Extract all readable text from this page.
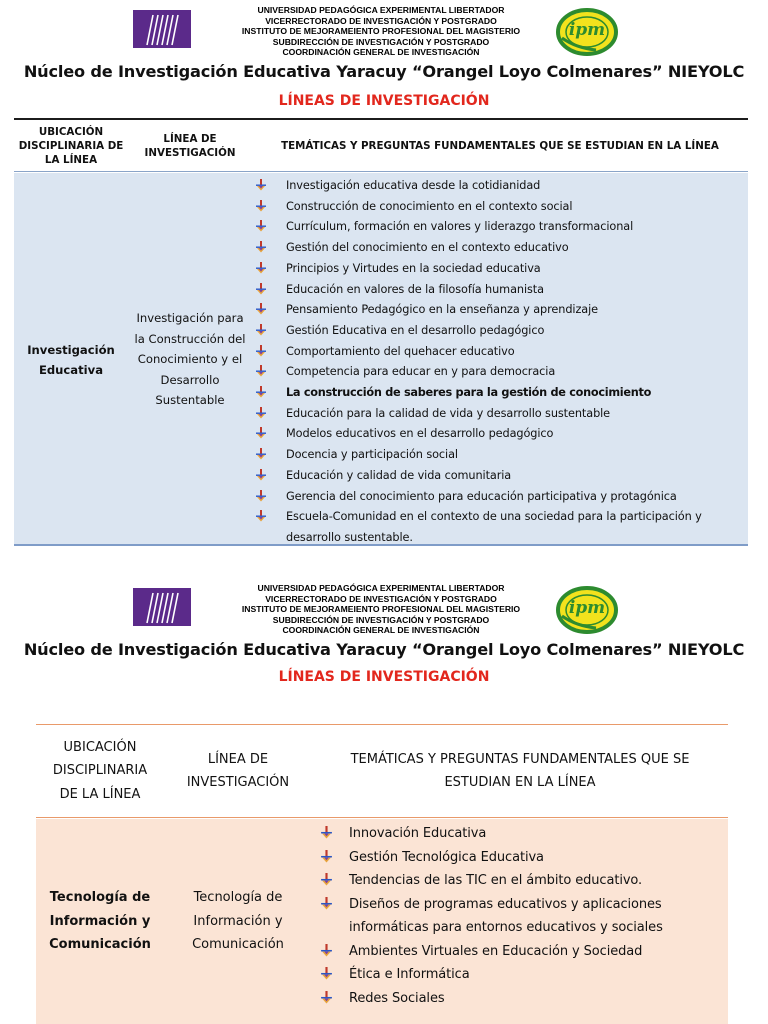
UNIVERSIDAD PEDAGÓGICA EXPERIMENTAL LIBERTADOR
VICERRECTORADO DE INVESTIGACIÓN Y POSTGRADO
INSTITUTO DE MEJORAMEIENTO PROFESIONAL DEL MAGISTERIO
SUBDIRECCIÓN DE INVESTIGACIÓN Y POSTGRADO
COORDINACIÓN GENERAL DE INVESTIGACIÓN
ipm
Núcleo de Investigación Educativa Yaracuy “Orangel Loyo Colmenares” NIEYOLC
LÍNEAS DE INVESTIGACIÓN
UBICACIÓN DISCIPLINARIA DE LA LÍNEA
LÍNEA DE INVESTIGACIÓN
TEMÁTICAS Y PREGUNTAS FUNDAMENTALES QUE SE ESTUDIAN EN LA LÍNEA
Investigación Educativa
Investigación para la Construcción del Conocimiento y el Desarrollo Sustentable
Investigación educativa desde la cotidianidad
Construcción de conocimiento en el contexto social
Currículum, formación en valores y liderazgo transformacional
Gestión del conocimiento en el contexto educativo
Principios y Virtudes en la sociedad educativa
Educación en valores de la filosofía humanista
Pensamiento Pedagógico en la enseñanza y aprendizaje
Gestión Educativa en el desarrollo pedagógico
Comportamiento del quehacer educativo
Competencia para educar en y para democracia
La construcción de saberes para la gestión de conocimiento
Educación para la calidad de vida y desarrollo sustentable
Modelos educativos en el desarrollo pedagógico
Docencia y participación social
Educación y calidad de vida comunitaria
Gerencia del conocimiento para educación participativa y protagónica
Escuela-Comunidad en el contexto de una sociedad para la participación y desarrollo sustentable.
UNIVERSIDAD PEDAGÓGICA EXPERIMENTAL LIBERTADOR
VICERRECTORADO DE INVESTIGACIÓN Y POSTGRADO
INSTITUTO DE MEJORAMEIENTO PROFESIONAL DEL MAGISTERIO
SUBDIRECCIÓN DE INVESTIGACIÓN Y POSTGRADO
COORDINACIÓN GENERAL DE INVESTIGACIÓN
ipm
Núcleo de Investigación Educativa Yaracuy “Orangel Loyo Colmenares” NIEYOLC
LÍNEAS DE INVESTIGACIÓN
UBICACIÓN DISCIPLINARIA DE LA LÍNEA
LÍNEA DE INVESTIGACIÓN
TEMÁTICAS Y PREGUNTAS FUNDAMENTALES QUE SE ESTUDIAN EN LA LÍNEA
Tecnología de Información y Comunicación
Tecnología de Información y Comunicación
Innovación Educativa
Gestión Tecnológica Educativa
Tendencias de las TIC en el ámbito educativo.
Diseños de programas educativos y aplicaciones informáticas para entornos educativos y sociales
Ambientes Virtuales en Educación y Sociedad
Ética e Informática
Redes Sociales
